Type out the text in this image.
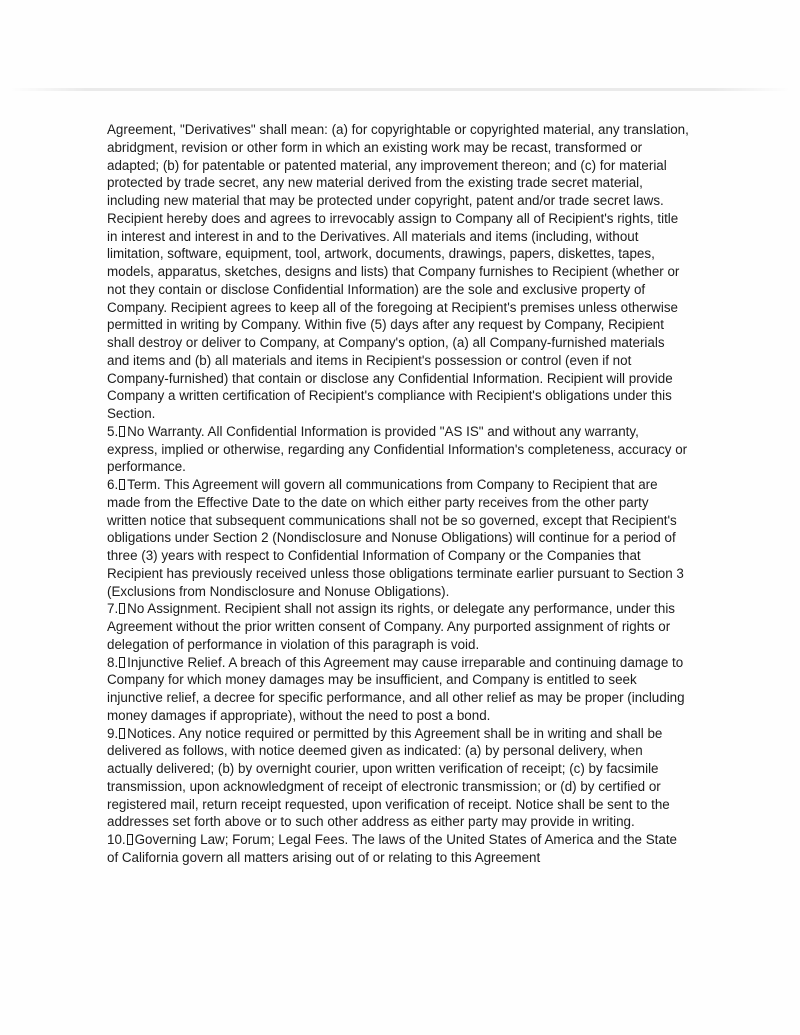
Agreement, "Derivatives" shall mean: (a) for copyrightable or copyrighted material, any translation, abridgment, revision or other form in which an existing work may be recast, transformed or adapted; (b) for patentable or patented material, any improvement thereon; and (c) for material protected by trade secret, any new material derived from the existing trade secret material, including new material that may be protected under copyright, patent and/or trade secret laws. Recipient hereby does and agrees to irrevocably assign to Company all of Recipient's rights, title in interest and interest in and to the Derivatives. All materials and items (including, without limitation, software, equipment, tool, artwork, documents, drawings, papers, diskettes, tapes, models, apparatus, sketches, designs and lists) that Company furnishes to Recipient (whether or not they contain or disclose Confidential Information) are the sole and exclusive property of Company. Recipient agrees to keep all of the foregoing at Recipient's premises unless otherwise permitted in writing by Company. Within five (5) days after any request by Company, Recipient shall destroy or deliver to Company, at Company's option, (a) all Company-furnished materials and items and (b) all materials and items in Recipient's possession or control (even if not Company-furnished) that contain or disclose any Confidential Information. Recipient will provide Company a written certification of Recipient's compliance with Recipient's obligations under this Section.

5. No Warranty. All Confidential Information is provided "AS IS" and without any warranty, express, implied or otherwise, regarding any Confidential Information's completeness, accuracy or performance.

6. Term. This Agreement will govern all communications from Company to Recipient that are made from the Effective Date to the date on which either party receives from the other party written notice that subsequent communications shall not be so governed, except that Recipient's obligations under Section 2 (Nondisclosure and Nonuse Obligations) will continue for a period of three (3) years with respect to Confidential Information of Company or the Companies that Recipient has previously received unless those obligations terminate earlier pursuant to Section 3 (Exclusions from Nondisclosure and Nonuse Obligations).

7. No Assignment. Recipient shall not assign its rights, or delegate any performance, under this Agreement without the prior written consent of Company. Any purported assignment of rights or delegation of performance in violation of this paragraph is void.

8. Injunctive Relief. A breach of this Agreement may cause irreparable and continuing damage to Company for which money damages may be insufficient, and Company is entitled to seek injunctive relief, a decree for specific performance, and all other relief as may be proper (including money damages if appropriate), without the need to post a bond.

9. Notices. Any notice required or permitted by this Agreement shall be in writing and shall be delivered as follows, with notice deemed given as indicated: (a) by personal delivery, when actually delivered; (b) by overnight courier, upon written verification of receipt; (c) by facsimile transmission, upon acknowledgment of receipt of electronic transmission; or (d) by certified or registered mail, return receipt requested, upon verification of receipt. Notice shall be sent to the addresses set forth above or to such other address as either party may provide in writing.

10. Governing Law; Forum; Legal Fees. The laws of the United States of America and the State of California govern all matters arising out of or relating to this Agreement
